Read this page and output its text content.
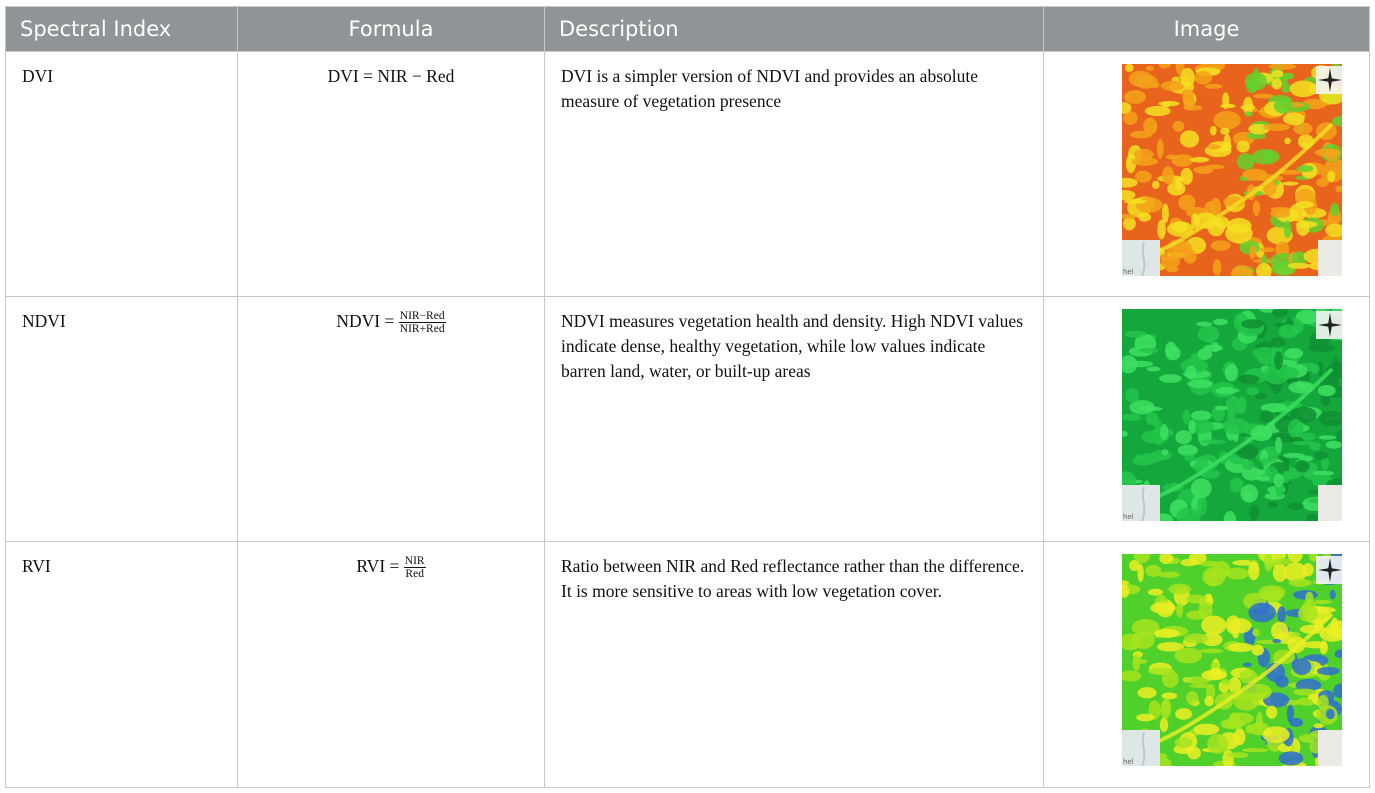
Spectral Index	Formula	Description	Image
DVI	DVI = NIR − Red	DVI is a simpler version of NDVI and provides an absolute measure of vegetation presence	hel

NDVI	NDVI = $\frac{\text{NIR−Red}}{\text{NIR+Red}}$	NDVI measures vegetation health and density. High NDVI values indicate dense, healthy vegetation, while low values indicate barren land, water, or built-up areas	hel

RVI	RVI = $\frac{\text{NIR}}{\text{Red}}$	Ratio between NIR and Red reflectance rather than the difference. It is more sensitive to areas with low vegetation cover.	hel
